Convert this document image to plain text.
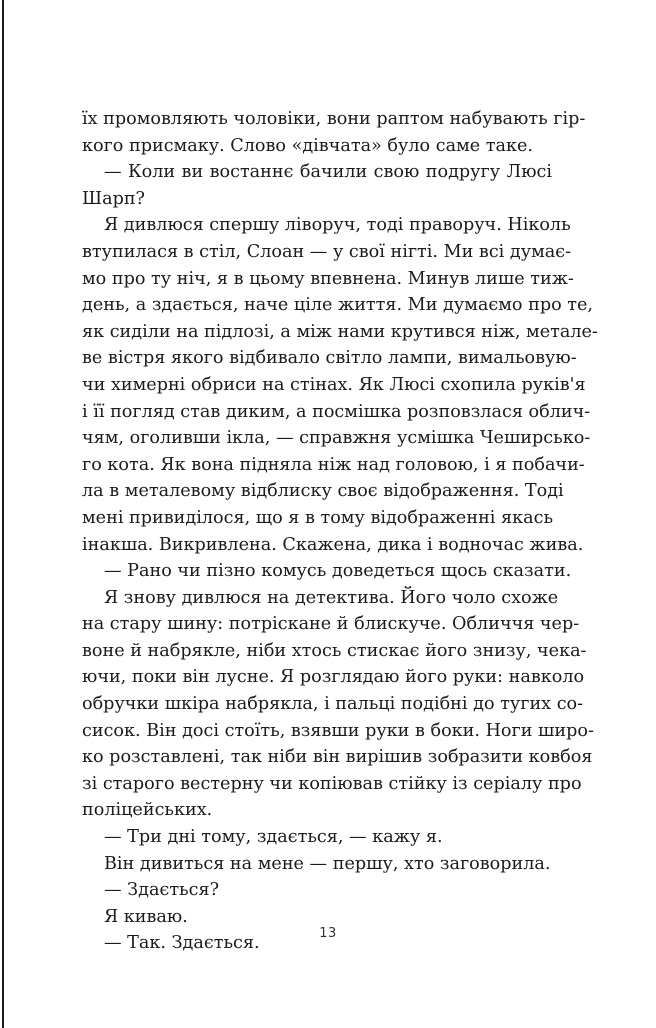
їх промовляють чоловіки, вони раптом набувають гір-
кого присмаку. Слово «дівчата» було саме таке.
— Коли ви востаннє бачили свою подругу Люсі
Шарп?
Я дивлюся спершу ліворуч, тоді праворуч. Ніколь
втупилася в стіл, Слоан — у свої нігті. Ми всі думає-
мо про ту ніч, я в цьому впевнена. Минув лише тиж-
день, а здається, наче ціле життя. Ми думаємо про те,
як сиділи на підлозі, а між нами крутився ніж, метале-
ве вістря якого відбивало світло лампи, вимальовую-
чи химерні обриси на стінах. Як Люсі схопила руків'я
і її погляд став диким, а посмішка розповзлася облич-
чям, оголивши ікла, — справжня усмішка Чеширсько-
го кота. Як вона підняла ніж над головою, і я побачи-
ла в металевому відблиску своє відображення. Тоді
мені привиділося, що я в тому відображенні якась
інакша. Викривлена. Скажена, дика і водночас жива.
— Рано чи пізно комусь доведеться щось сказати.
Я знову дивлюся на детектива. Його чоло схоже
на стару шину: потріскане й блискуче. Обличчя чер-
воне й набрякле, ніби хтось стискає його знизу, чека-
ючи, поки він лусне. Я розглядаю його руки: навколо
обручки шкіра набрякла, і пальці подібні до тугих со-
сисок. Він досі стоїть, взявши руки в боки. Ноги широ-
ко розставлені, так ніби він вирішив зобразити ковбоя
зі старого вестерну чи копіював стійку із серіалу про
поліцейських.
— Три дні тому, здається, — кажу я.
Він дивиться на мене — першу, хто заговорила.
— Здається?
Я киваю.
— Так. Здається.	13
